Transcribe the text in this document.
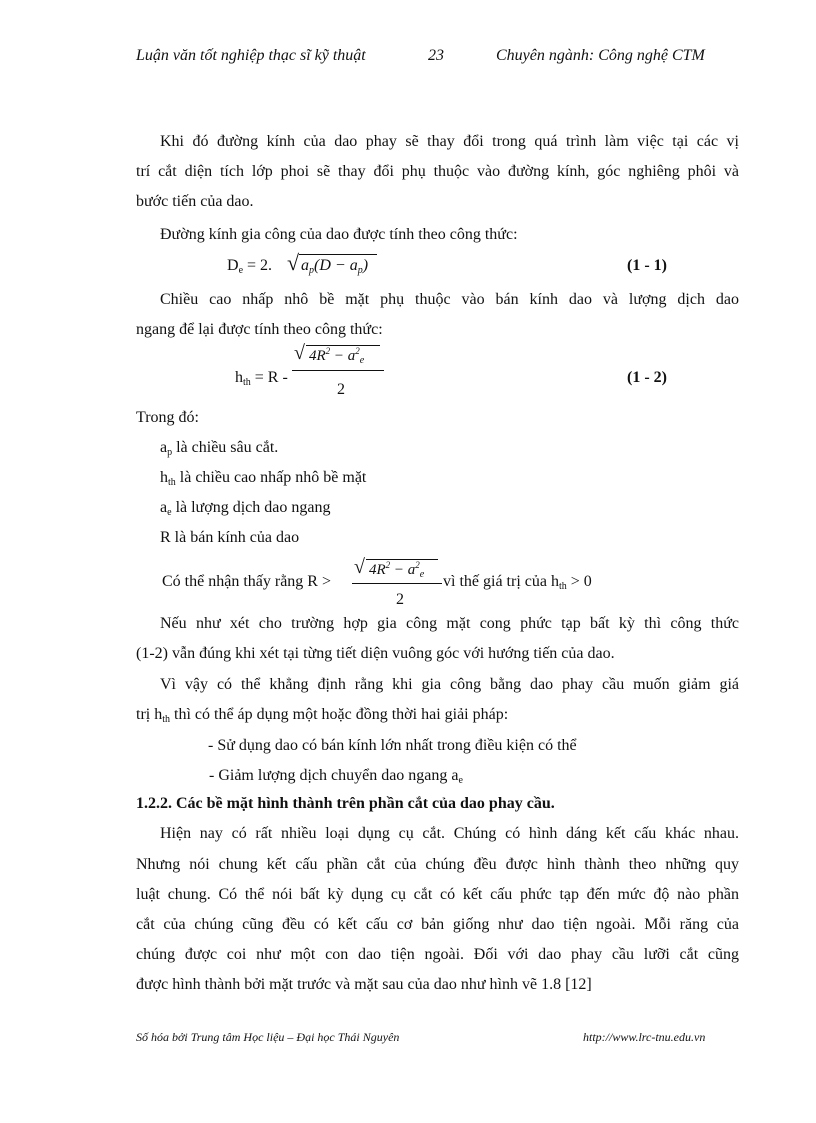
Luận văn tốt nghiệp thạc sĩ kỹ thuật	23	Chuyên ngành: Công nghệ CTM
Khi đó đường kính của dao phay sẽ thay đổi trong quá trình làm việc tại các vị
trí cắt diện tích lớp phoi sẽ thay đổi phụ thuộc vào đường kính, góc nghiêng phôi và
bước tiến của dao.
Đường kính gia công của dao được tính theo công thức:
$D_e = 2$. √ $a_p(D - a_p)$	(1 - 1)
Chiều cao nhấp nhô bề mặt phụ thuộc vào bán kính dao và lượng dịch dao
ngang để lại được tính theo công thức:
$h_{th} = R$ -
√ $4R^2 - a^2_e$
2
(1 - 2)
Trong đó:
$a_p$ là chiều sâu cắt.
$h_{th}$ là chiều cao nhấp nhô bề mặt
$a_e$ là lượng dịch dao ngang
R là bán kính của dao
Có thể nhận thấy rằng R >
√ $4R^2 - a^2_e$
2
vì thế giá trị của $h_{th} > 0$
Nếu như xét cho trường hợp gia công mặt cong phức tạp bất kỳ thì công thức
(1-2) vẫn đúng khi xét tại từng tiết diện vuông góc với hướng tiến của dao.
Vì vậy có thể khẳng định rằng khi gia công bằng dao phay cầu muốn giảm giá
trị $h_{th}$ thì có thể áp dụng một hoặc đồng thời hai giải pháp:
- Sử dụng dao có bán kính lớn nhất trong điều kiện có thể
- Giảm lượng dịch chuyển dao ngang $a_e$
1.2.2. Các bề mặt hình thành trên phần cắt của dao phay cầu.
Hiện nay có rất nhiều loại dụng cụ cắt. Chúng có hình dáng kết cấu khác nhau.
Nhưng nói chung kết cấu phần cắt của chúng đều được hình thành theo những quy
luật chung. Có thể nói bất kỳ dụng cụ cắt có kết cấu phức tạp đến mức độ nào phần
cắt của chúng cũng đều có kết cấu cơ bản giống như dao tiện ngoài. Mỗi răng của
chúng được coi như một con dao tiện ngoài. Đối với dao phay cầu lưỡi cắt cũng
được hình thành bởi mặt trước và mặt sau của dao như hình vẽ 1.8 [12]
Số hóa bởi Trung tâm Học liệu – Đại học Thái Nguyên	http://www.lrc-tnu.edu.vn
